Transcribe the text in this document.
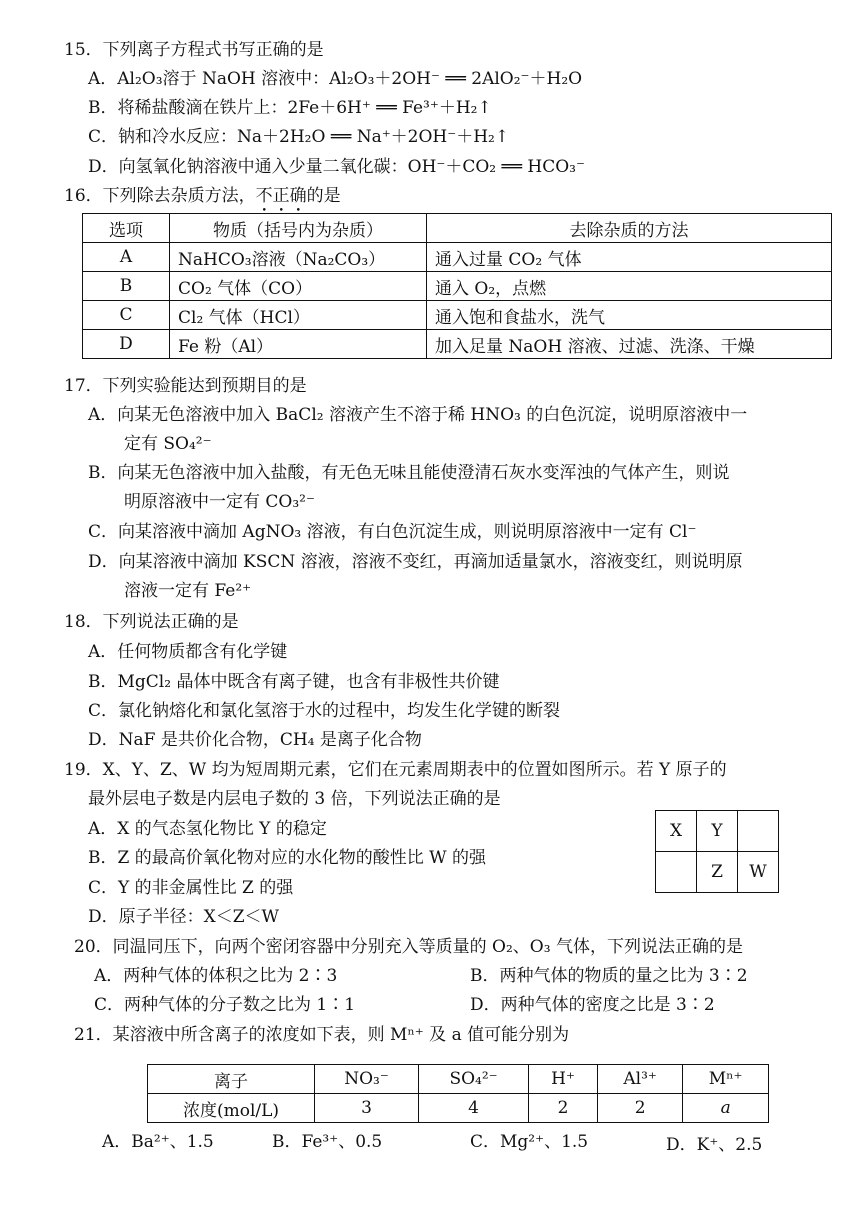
15．下列离子方程式书写正确的是
A．Al₂O₃溶于 NaOH 溶液中：Al₂O₃＋2OH⁻ ══ 2AlO₂⁻＋H₂O
B．将稀盐酸滴在铁片上：2Fe＋6H⁺ ══ Fe³⁺＋H₂↑
C．钠和冷水反应：Na＋2H₂O ══ Na⁺＋2OH⁻＋H₂↑
D．向氢氧化钠溶液中通入少量二氧化碳：OH⁻＋CO₂ ══ HCO₃⁻
16．下列除去杂质方法，不正确的是
选项	物质（括号内为杂质）	去除杂质的方法
A	NaHCO₃溶液（Na₂CO₃）	通入过量 CO₂ 气体
B	CO₂ 气体（CO）	通入 O₂，点燃
C	Cl₂ 气体（HCl）	通入饱和食盐水，洗气
D	Fe 粉（Al）	加入足量 NaOH 溶液、过滤、洗涤、干燥
17．下列实验能达到预期目的是
A．向某无色溶液中加入 BaCl₂ 溶液产生不溶于稀 HNO₃ 的白色沉淀，说明原溶液中一
定有 SO₄²⁻
B．向某无色溶液中加入盐酸，有无色无味且能使澄清石灰水变浑浊的气体产生，则说
明原溶液中一定有 CO₃²⁻
C．向某溶液中滴加 AgNO₃ 溶液，有白色沉淀生成，则说明原溶液中一定有 Cl⁻
D．向某溶液中滴加 KSCN 溶液，溶液不变红，再滴加适量氯水，溶液变红，则说明原
溶液一定有 Fe²⁺
18．下列说法正确的是
A．任何物质都含有化学键
B．MgCl₂ 晶体中既含有离子键，也含有非极性共价键
C．氯化钠熔化和氯化氢溶于水的过程中，均发生化学键的断裂
D．NaF 是共价化合物，CH₄ 是离子化合物
19．X、Y、Z、W 均为短周期元素，它们在元素周期表中的位置如图所示。若 Y 原子的
最外层电子数是内层电子数的 3 倍，下列说法正确的是
A．X 的气态氢化物比 Y 的稳定
B．Z 的最高价氧化物对应的水化物的酸性比 W 的强
C．Y 的非金属性比 Z 的强
D．原子半径：X＜Z＜W
X	Y	
	Z	W
20．同温同压下，向两个密闭容器中分别充入等质量的 O₂、O₃ 气体，下列说法正确的是
A．两种气体的体积之比为 2∶3	B．两种气体的物质的量之比为 3∶2
C．两种气体的分子数之比为 1∶1	D．两种气体的密度之比是 3∶2
21．某溶液中所含离子的浓度如下表，则 Mⁿ⁺ 及 a 值可能分别为
离子	NO₃⁻	SO₄²⁻	H⁺	Al³⁺	Mⁿ⁺
浓度(mol/L)	3	4	2	2	a
A．Ba²⁺、1.5	B．Fe³⁺、0.5	C．Mg²⁺、1.5	D．K⁺、2.5
